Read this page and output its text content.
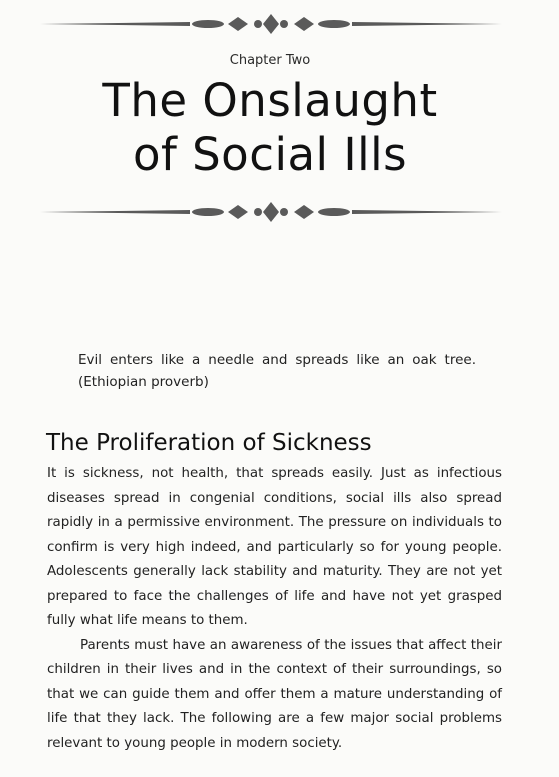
Chapter Two
The Onslaught
of Social Ills
Evil enters like a needle and spreads like an oak tree.
(Ethiopian proverb)
The Proliferation of Sickness

It is sickness, not health, that spreads easily. Just as infectious diseases spread in congenial conditions, social ills also spread rapidly in a permissive environment. The pressure on individuals to confirm is very high indeed, and particularly so for young people. Adolescents generally lack stability and maturity. They are not yet prepared to face the challenges of life and have not yet grasped fully what life means to them.

Parents must have an awareness of the issues that affect their children in their lives and in the context of their surroundings, so that we can guide them and offer them a mature understanding of life that they lack. The following are a few major social problems relevant to young people in modern society.
